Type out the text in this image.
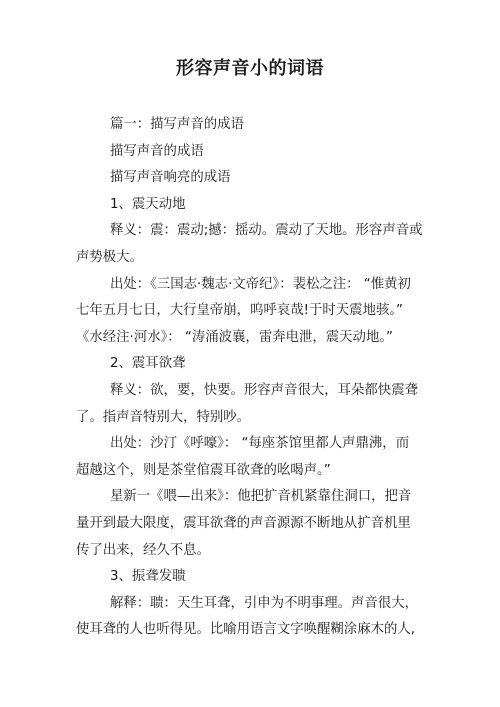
形容声音小的词语
篇一：描写声音的成语
描写声音的成语
描写声音响亮的成语
1、震天动地
释义：震：震动;撼：摇动。震动了天地。形容声音或
声势极大。
出处：《三国志·魏志·文帝纪》：裴松之注： “惟黄初
七年五月七日，大行皇帝崩，呜呼哀哉!于时天震地骇。”
《水经注·河水》： “涛涌波襄，雷奔电泄，震天动地。”
2、震耳欲聋
释义：欲，要，快要。形容声音很大，耳朵都快震聋
了。指声音特别大，特别吵。
出处：沙汀《呼嚎》： “每座茶馆里都人声鼎沸，而
超越这个，则是茶堂倌震耳欲聋的吆喝声。”
星新一《喂—出来》：他把扩音机紧靠住洞口，把音
量开到最大限度，震耳欲聋的声音源源不断地从扩音机里
传了出来，经久不息。
3、振聋发聩
解释：聩：天生耳聋，引申为不明事理。声音很大，
使耳聋的人也听得见。比喻用语言文字唤醒糊涂麻木的人,
